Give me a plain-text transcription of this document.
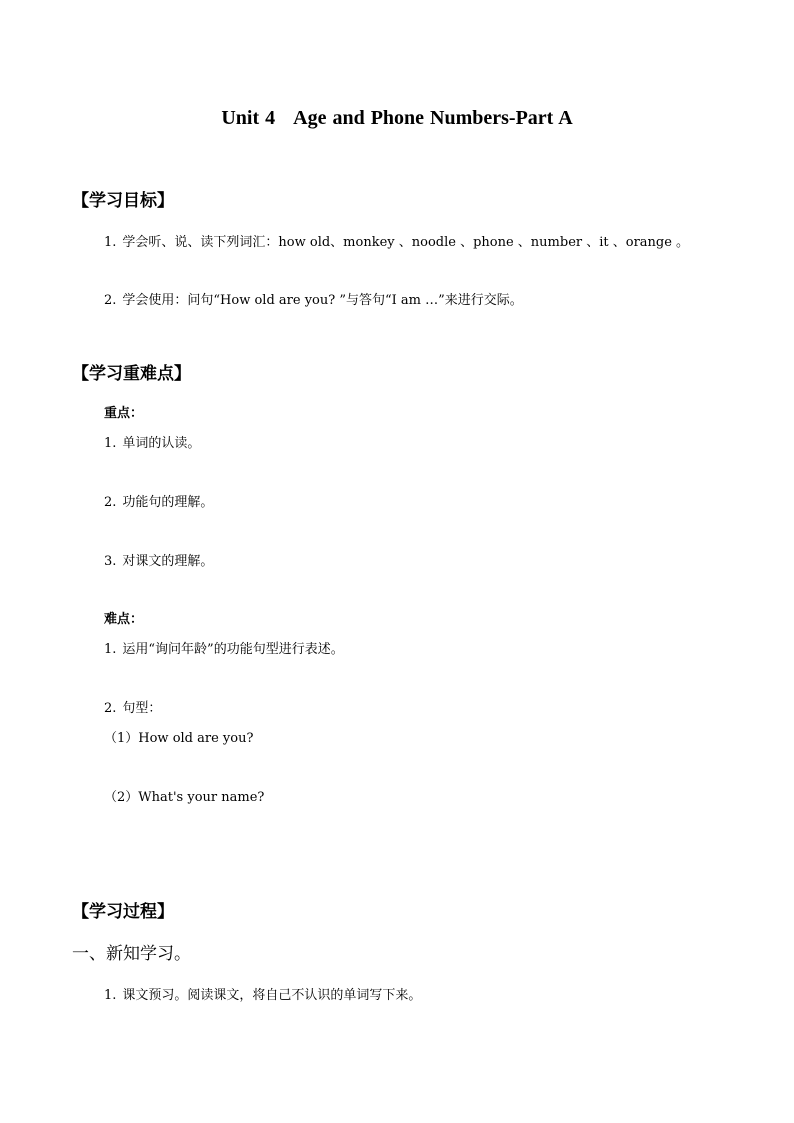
Unit 4 Age and Phone Numbers-Part A
【学习目标】
1. 学会听、说、读下列词汇：how old、monkey 、noodle 、phone 、number 、it 、orange 。
2. 学会使用：问句“How old are you? ”与答句“I am …”来进行交际。
【学习重难点】
重点：
1. 单词的认读。
2. 功能句的理解。
3. 对课文的理解。
难点：
1. 运用“询问年龄”的功能句型进行表述。
2. 句型：
（1）How old are you?
（2）What's your name?
【学习过程】
一、新知学习。
1. 课文预习。阅读课文，将自己不认识的单词写下来。
